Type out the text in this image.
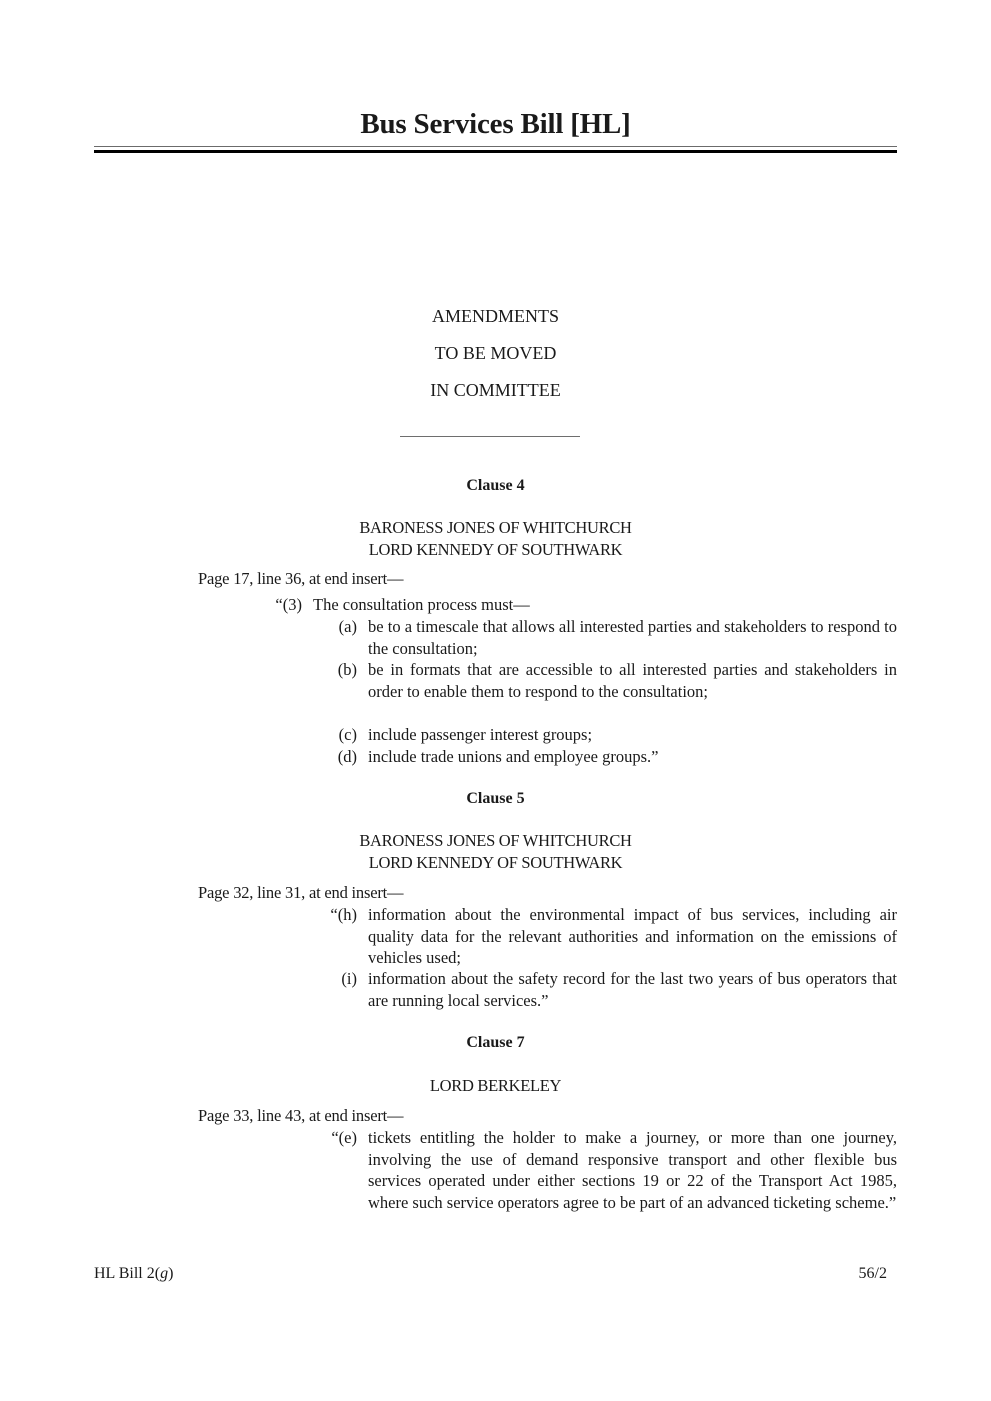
Bus Services Bill [HL]

AMENDMENTS

TO BE MOVED

IN COMMITTEE

Clause 4

BARONESS JONES OF WHITCHURCH

LORD KENNEDY OF SOUTHWARK

Page 17, line 36, at end insert—

“(3) The consultation process must—
(a) be to a timescale that allows all interested parties and stakeholders to respond to the consultation;
(b) be in formats that are accessible to all interested parties and stakeholders in order to enable them to respond to the consultation;
(c) include passenger interest groups;
(d) include trade unions and employee groups.”

Clause 5

BARONESS JONES OF WHITCHURCH

LORD KENNEDY OF SOUTHWARK

Page 32, line 31, at end insert—

“(h) information about the environmental impact of bus services, including air quality data for the relevant authorities and information on the emissions of vehicles used;
(i) information about the safety record for the last two years of bus operators that are running local services.”

Clause 7

LORD BERKELEY

Page 33, line 43, at end insert—

“(e) tickets entitling the holder to make a journey, or more than one journey, involving the use of demand responsive transport and other flexible bus services operated under either sections 19 or 22 of the Transport Act 1985, where such service operators agree to be part of an advanced ticketing scheme.”

HL Bill 2(g)	56/2
